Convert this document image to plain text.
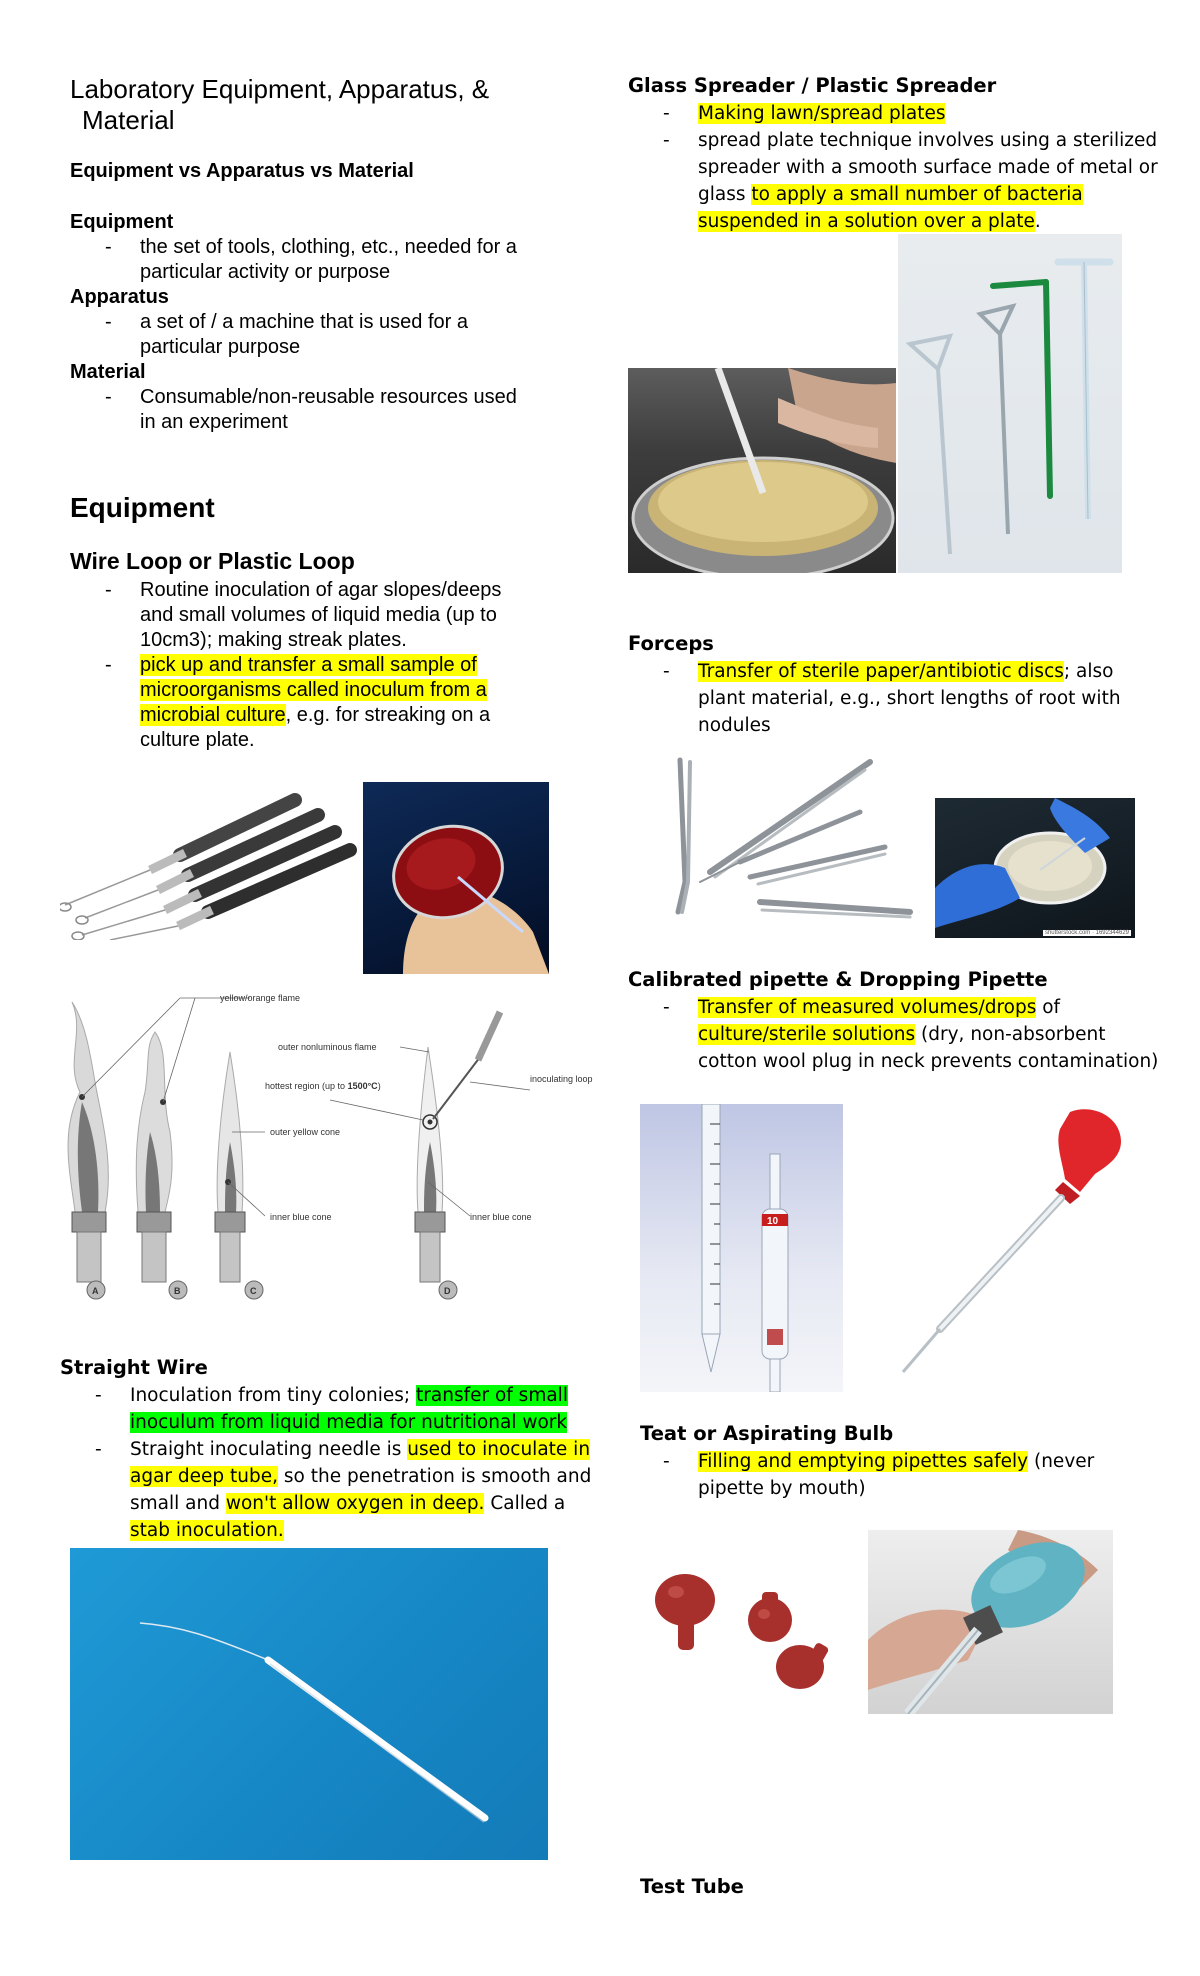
Laboratory Equipment, Apparatus, &
Material
Equipment vs Apparatus vs Material
Equipment
- the set of tools, clothing, etc., needed for a
particular activity or purpose
Apparatus
- a set of / a machine that is used for a
particular purpose
Material
- Consumable/non-reusable resources used
in an experiment
Equipment
Wire Loop or Plastic Loop
- Routine inoculation of agar slopes/deeps
and small volumes of liquid media (up to
10cm3); making streak plates.
- pick up and transfer a small sample of
microorganisms called inoculum from a
microbial culture, e.g. for streaking on a
culture plate.
A	B	C	D
yellow/orange flame
outer nonluminous flame
hottest region (up to 1500°C)
inoculating loop
outer yellow cone
inner blue cone	inner blue cone
Straight Wire
- Inoculation from tiny colonies; transfer of small
inoculum from liquid media for nutritional work
- Straight inoculating needle is used to inoculate in
agar deep tube, so the penetration is smooth and
small and won't allow oxygen in deep. Called a
stab inoculation.
Glass Spreader / Plastic Spreader
- Making lawn/spread plates
- spread plate technique involves using a sterilized
spreader with a smooth surface made of metal or
glass to apply a small number of bacteria
suspended in a solution over a plate.
Forceps
- Transfer of sterile paper/antibiotic discs; also
plant material, e.g., short lengths of root with
nodules
shutterstock.com · 1692344629
Calibrated pipette & Dropping Pipette
- Transfer of measured volumes/drops of
culture/sterile solutions (dry, non-absorbent
cotton wool plug in neck prevents contamination)
10
Teat or Aspirating Bulb
- Filling and emptying pipettes safely (never
pipette by mouth)
Test Tube
